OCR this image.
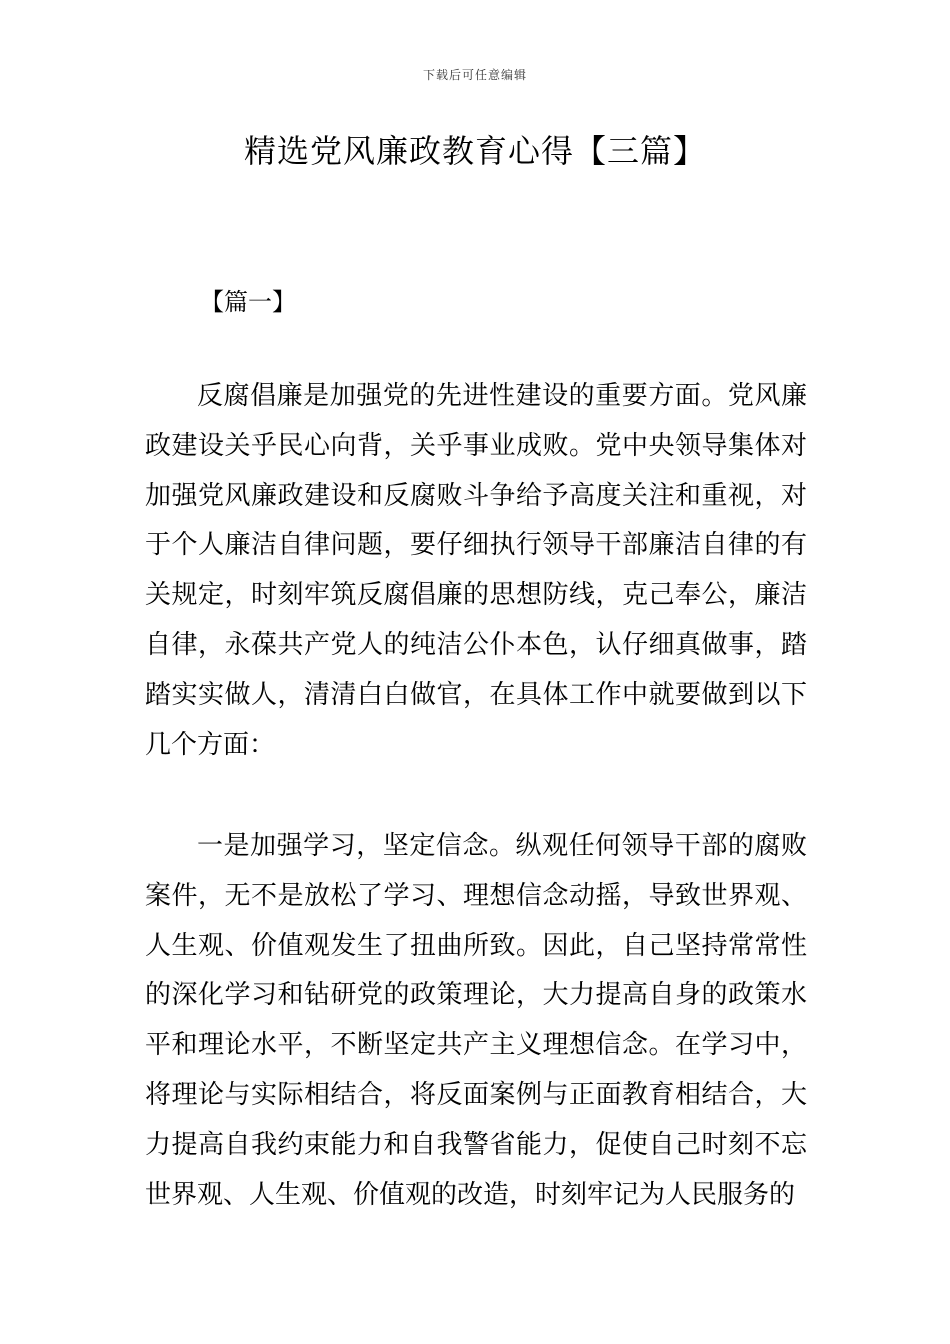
下载后可任意编辑
精选党风廉政教育心得【三篇】
【篇一】

反腐倡廉是加强党的先进性建设的重要方面。党风廉政建设关乎民心向背，关乎事业成败。党中央领导集体对加强党风廉政建设和反腐败斗争给予高度关注和重视，对于个人廉洁自律问题，要仔细执行领导干部廉洁自律的有关规定，时刻牢筑反腐倡廉的思想防线，克己奉公，廉洁自律，永葆共产党人的纯洁公仆本色，认仔细真做事，踏踏实实做人，清清白白做官，在具体工作中就要做到以下几个方面：

一是加强学习，坚定信念。纵观任何领导干部的腐败案件，无不是放松了学习、理想信念动摇，导致世界观、人生观、价值观发生了扭曲所致。因此，自己坚持常常性的深化学习和钻研党的政策理论，大力提高自身的政策水平和理论水平，不断坚定共产主义理想信念。在学习中，将理论与实际相结合，将反面案例与正面教育相结合，大力提高自我约束能力和自我警省能力，促使自己时刻不忘世界观、人生观、价值观的改造，时刻牢记为人民服务的
